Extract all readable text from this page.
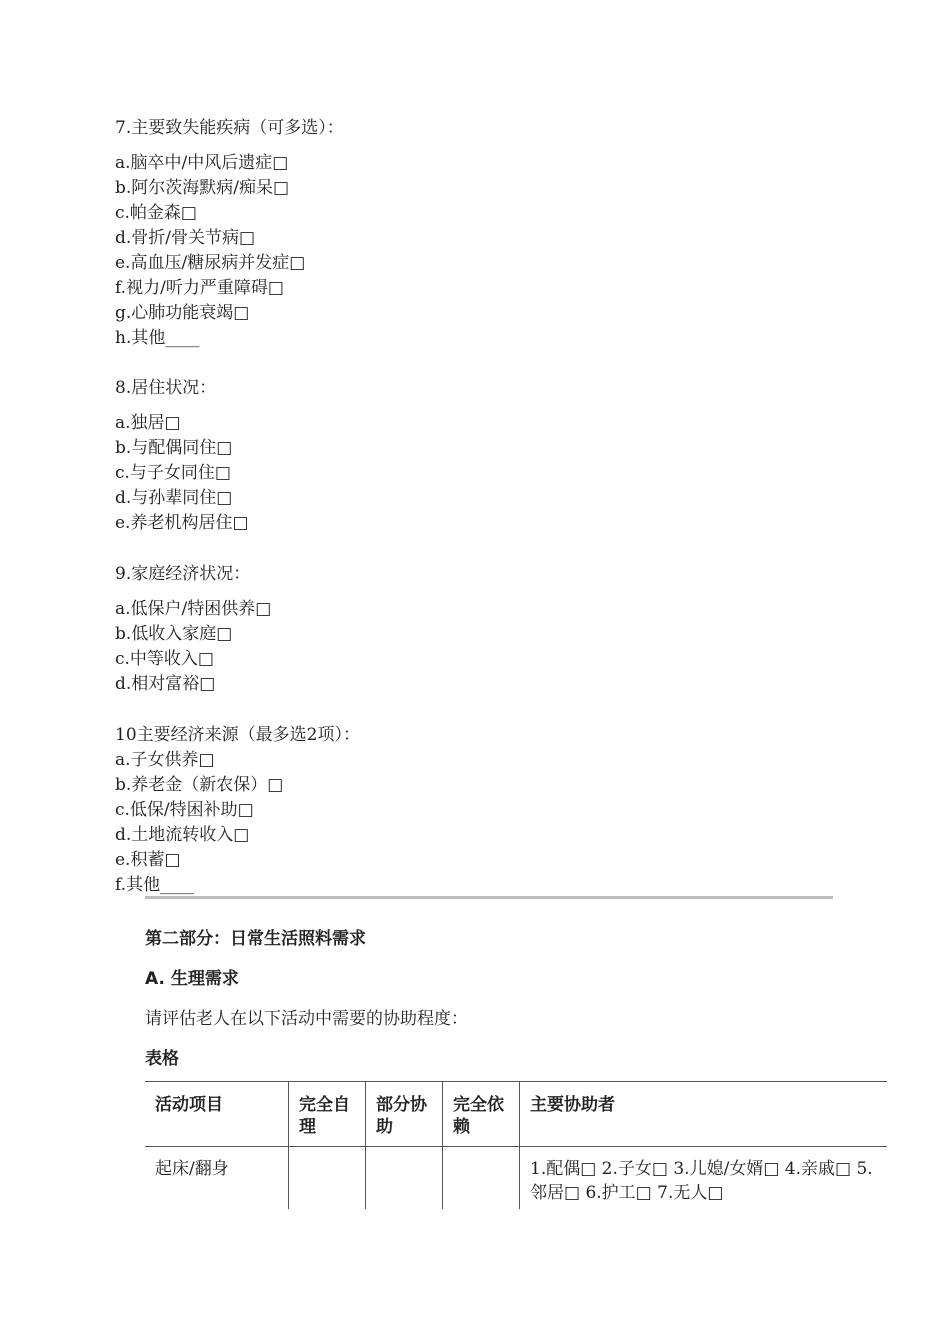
7.主要致失能疾病（可多选）：

a.脑卒中/中风后遗症□

b.阿尔茨海默病/痴呆□

c.帕金森□

d.骨折/骨关节病□

e.高血压/糖尿病并发症□

f.视力/听力严重障碍□

g.心肺功能衰竭□

h.其他____

8.居住状况：

a.独居□

b.与配偶同住□

c.与子女同住□

d.与孙辈同住□

e.养老机构居住□

9.家庭经济状况：

a.低保户/特困供养□

b.低收入家庭□

c.中等收入□

d.相对富裕□

10主要经济来源（最多选2项）：

a.子女供养□

b.养老金（新农保）□

c.低保/特困补助□

d.土地流转收入□

e.积蓄□

f.其他____

第二部分：日常生活照料需求

A. 生理需求

请评估老人在以下活动中需要的协助程度：

表格

活动项目	完全自理	部分协助	完全依赖	主要协助者
起床/翻身				1.配偶□ 2.子女□ 3.儿媳/女婿□ 4.亲戚□ 5.邻居□ 6.护工□ 7.无人□
